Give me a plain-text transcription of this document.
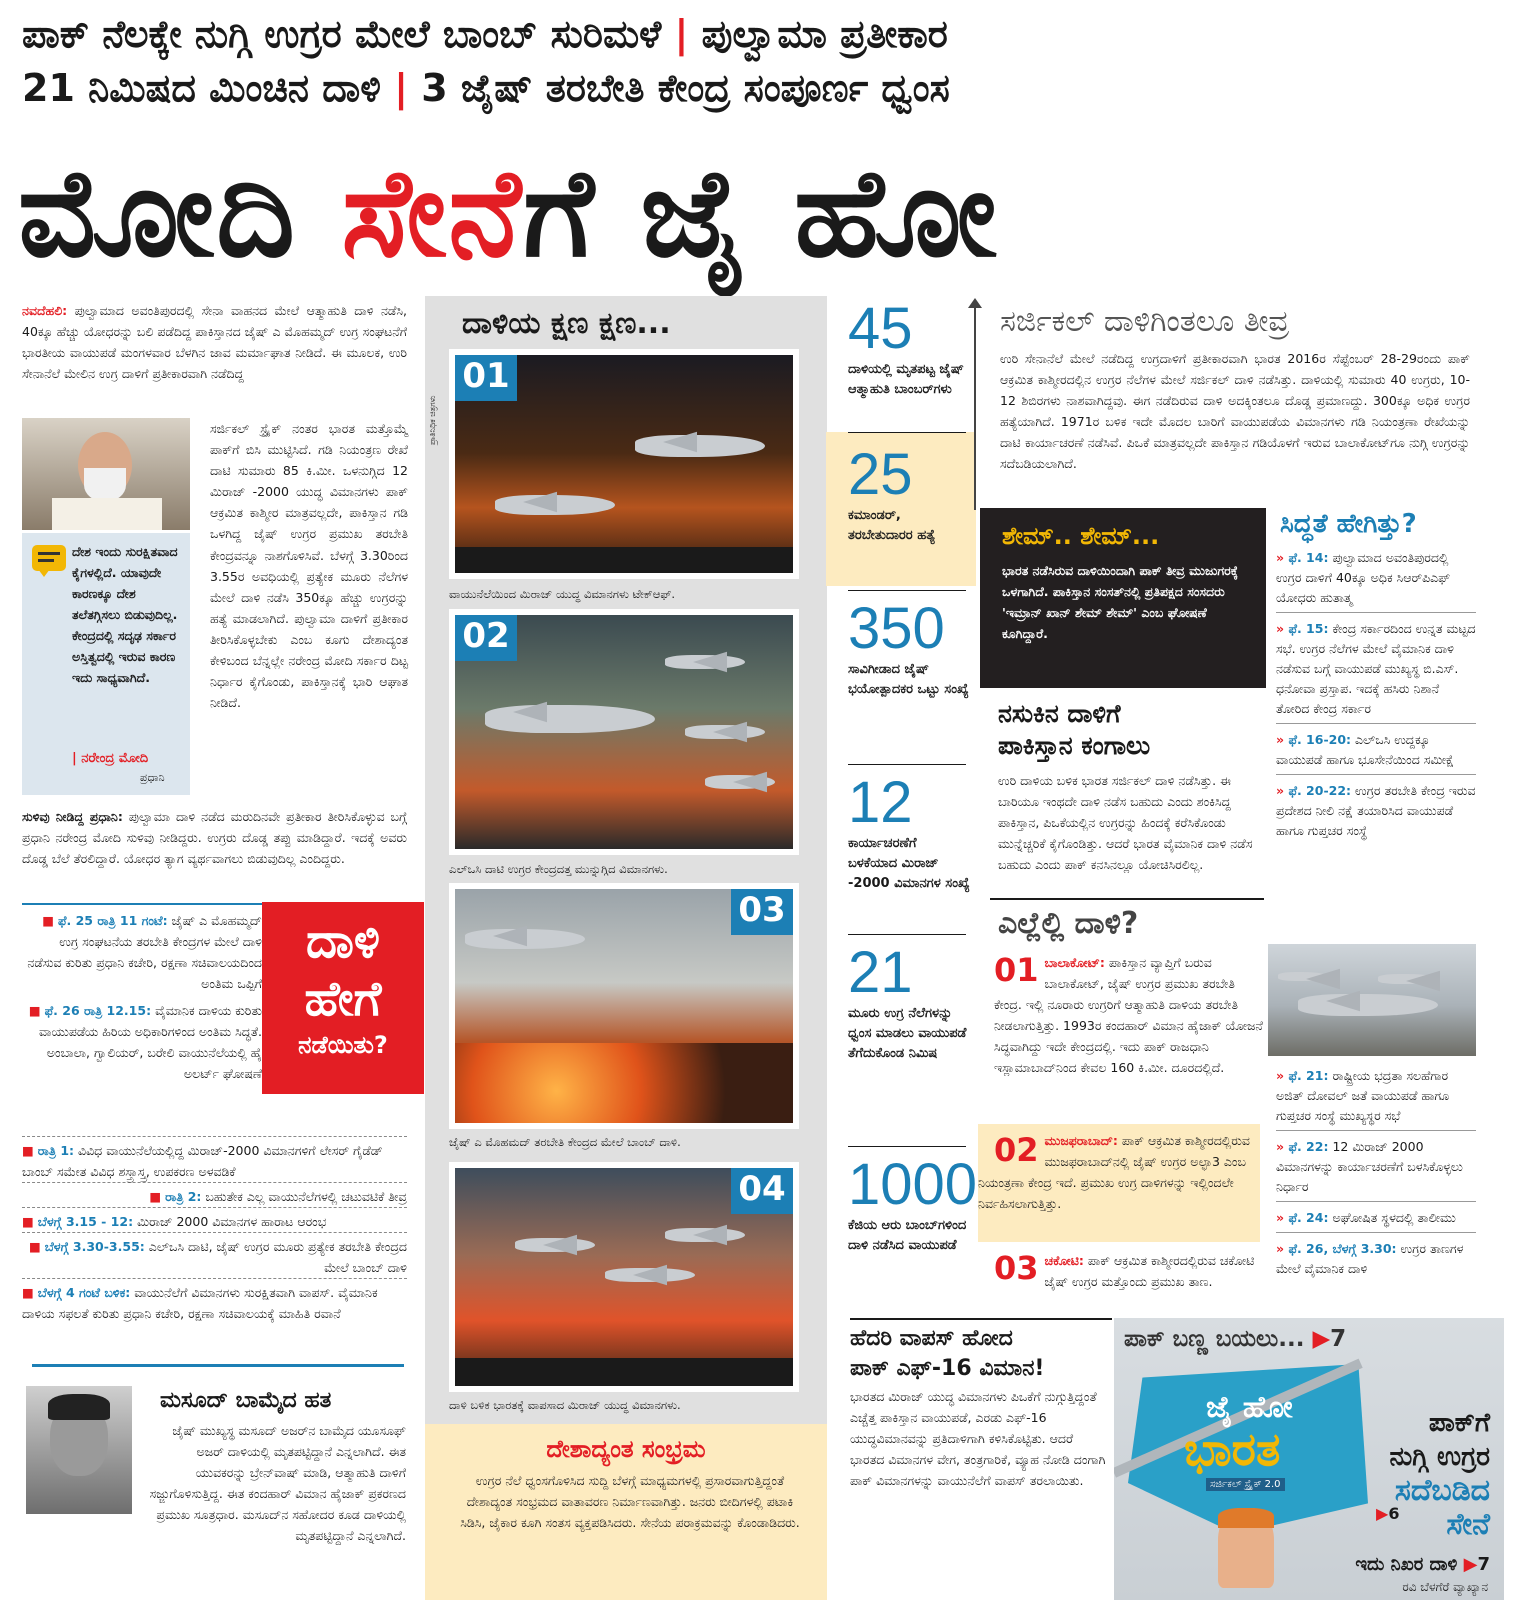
ಪಾಕ್ ನೆಲಕ್ಕೇ ನುಗ್ಗಿ ಉಗ್ರರ ಮೇಲೆ ಬಾಂಬ್ ಸುರಿಮಳೆ | ಪುಲ್ವಾಮಾ ಪ್ರತೀಕಾರ
21 ನಿಮಿಷದ ಮಿಂಚಿನ ದಾಳಿ | 3 ಜೈಷ್ ತರಬೇತಿ ಕೇಂದ್ರ ಸಂಪೂರ್ಣ ಧ್ವಂಸ
ಮೋದಿ ಸೇನೆಗೆ ಜೈ ಹೋ
ನವದೆಹಲಿ: ಪುಲ್ವಾಮಾದ ಅವಂತಿಪುರದಲ್ಲಿ ಸೇನಾ ವಾಹನದ ಮೇಲೆ ಆತ್ಮಾಹುತಿ ದಾಳಿ ನಡೆಸಿ, 40ಕ್ಕೂ ಹೆಚ್ಚು ಯೋಧರನ್ನು ಬಲಿ ಪಡೆದಿದ್ದ ಪಾಕಿಸ್ತಾನದ ಜೈಷ್ ಎ ಮೊಹಮ್ಮದ್ ಉಗ್ರ ಸಂಘಟನೆಗೆ ಭಾರತೀಯ ವಾಯುಪಡೆ ಮಂಗಳವಾರ ಬೆಳಗಿನ ಜಾವ ಮರ್ಮಾಘಾತ ನೀಡಿದೆ. ಈ ಮೂಲಕ, ಉರಿ ಸೇನಾನೆಲೆ ಮೇಲಿನ ಉಗ್ರ ದಾಳಿಗೆ ಪ್ರತೀಕಾರವಾಗಿ ನಡೆದಿದ್ದ
ದೇಶ ಇಂದು ಸುರಕ್ಷಿತವಾದ ಕೈಗಳಲ್ಲಿದೆ. ಯಾವುದೇ ಕಾರಣಕ್ಕೂ ದೇಶ ತಲೆತಗ್ಗಿಸಲು ಬಿಡುವುದಿಲ್ಲ. ಕೇಂದ್ರದಲ್ಲಿ ಸದೃಢ ಸರ್ಕಾರ ಅಸ್ತಿತ್ವದಲ್ಲಿ ಇರುವ ಕಾರಣ ಇದು ಸಾಧ್ಯವಾಗಿದೆ.
| ನರೇಂದ್ರ ಮೋದಿ
ಪ್ರಧಾನಿ
ಸರ್ಜಿಕಲ್ ಸ್ಟ್ರೈಕ್ ನಂತರ ಭಾರತ ಮತ್ತೊಮ್ಮೆ ಪಾಕ್‌ಗೆ ಬಿಸಿ ಮುಟ್ಟಿಸಿದೆ. ಗಡಿ ನಿಯಂತ್ರಣ ರೇಖೆ ದಾಟಿ ಸುಮಾರು 85 ಕಿ.ಮೀ. ಒಳನುಗ್ಗಿದ 12 ಮಿರಾಜ್ -2000 ಯುದ್ಧ ವಿಮಾನಗಳು ಪಾಕ್ ಆಕ್ರಮಿತ ಕಾಶ್ಮೀರ ಮಾತ್ರವಲ್ಲದೇ, ಪಾಕಿಸ್ತಾನ ಗಡಿ ಒಳಗಿದ್ದ ಜೈಷ್ ಉಗ್ರರ ಪ್ರಮುಖ ತರಬೇತಿ ಕೇಂದ್ರವನ್ನೂ ನಾಶಗೊಳಿಸಿವೆ. ಬೆಳಗ್ಗೆ 3.30ರಿಂದ 3.55ರ ಅವಧಿಯಲ್ಲಿ ಪ್ರತ್ಯೇಕ ಮೂರು ನೆಲೆಗಳ ಮೇಲೆ ದಾಳಿ ನಡೆಸಿ 350ಕ್ಕೂ ಹೆಚ್ಚು ಉಗ್ರರನ್ನು ಹತ್ಯೆ ಮಾಡಲಾಗಿದೆ. ಪುಲ್ವಾಮಾ ದಾಳಿಗೆ ಪ್ರತೀಕಾರ ತೀರಿಸಿಕೊಳ್ಳಬೇಕು ಎಂಬ ಕೂಗು ದೇಶಾದ್ಯಂತ ಕೇಳಿಬಂದ ಬೆನ್ನಲ್ಲೇ ನರೇಂದ್ರ ಮೋದಿ ಸರ್ಕಾರ ದಿಟ್ಟ ನಿರ್ಧಾರ ಕೈಗೊಂಡು, ಪಾಕಿಸ್ತಾನಕ್ಕೆ ಭಾರಿ ಆಘಾತ ನೀಡಿದೆ.
ಸುಳಿವು ನೀಡಿದ್ದ ಪ್ರಧಾನಿ: ಪುಲ್ವಾಮಾ ದಾಳಿ ನಡೆದ ಮರುದಿನವೇ ಪ್ರತೀಕಾರ ತೀರಿಸಿಕೊಳ್ಳುವ ಬಗ್ಗೆ ಪ್ರಧಾನಿ ನರೇಂದ್ರ ಮೋದಿ ಸುಳಿವು ನೀಡಿದ್ದರು. ಉಗ್ರರು ದೊಡ್ಡ ತಪ್ಪು ಮಾಡಿದ್ದಾರೆ. ಇದಕ್ಕೆ ಅವರು ದೊಡ್ಡ ಬೆಲೆ ತೆರಲಿದ್ದಾರೆ. ಯೋಧರ ತ್ಯಾಗ ವ್ಯರ್ಥವಾಗಲು ಬಿಡುವುದಿಲ್ಲ ಎಂದಿದ್ದರು.
ದಾಳಿ
ಹೇಗೆ
ನಡೆಯಿತು?
■ ಫೆ. 25 ರಾತ್ರಿ 11 ಗಂಟೆ: ಜೈಷ್ ಎ ಮೊಹಮ್ಮದ್ ಉಗ್ರ ಸಂಘಟನೆಯ ತರಬೇತಿ ಕೇಂದ್ರಗಳ ಮೇಲೆ ದಾಳಿ ನಡೆಸುವ ಕುರಿತು ಪ್ರಧಾನಿ ಕಚೇರಿ, ರಕ್ಷಣಾ ಸಚಿವಾಲಯದಿಂದ ಅಂತಿಮ ಒಪ್ಪಿಗೆ
■ ಫೆ. 26 ರಾತ್ರಿ 12.15: ವೈಮಾನಿಕ ದಾಳಿಯ ಕುರಿತು ವಾಯುಪಡೆಯ ಹಿರಿಯ ಅಧಿಕಾರಿಗಳಿಂದ ಅಂತಿಮ ಸಿದ್ಧತೆ. ಅಂಬಾಲಾ, ಗ್ವಾಲಿಯರ್, ಬರೇಲಿ ವಾಯುನೆಲೆಯಲ್ಲಿ ಹೈ ಅಲರ್ಟ್ ಘೋಷಣೆ
■ ರಾತ್ರಿ 1: ವಿವಿಧ ವಾಯುನೆಲೆಯಲ್ಲಿದ್ದ ಮಿರಾಜ್-2000 ವಿಮಾನಗಳಿಗೆ ಲೇಸರ್ ಗೈಡೆಡ್ ಬಾಂಬ್ ಸಮೇತ ವಿವಿಧ ಶಸ್ತ್ರಾಸ್ತ್ರ, ಉಪಕರಣ ಅಳವಡಿಕೆ
■ ರಾತ್ರಿ 2: ಬಹುತೇಕ ಎಲ್ಲ ವಾಯುನೆಲೆಗಳಲ್ಲಿ ಚಟುವಟಿಕೆ ತೀವ್ರ
■ ಬೆಳಗ್ಗೆ 3.15 - 12: ಮಿರಾಜ್ 2000 ವಿಮಾನಗಳ ಹಾರಾಟ ಆರಂಭ
■ ಬೆಳಗ್ಗೆ 3.30-3.55: ಎಲ್‌ಒಸಿ ದಾಟಿ, ಜೈಷ್ ಉಗ್ರರ ಮೂರು ಪ್ರತ್ಯೇಕ ತರಬೇತಿ ಕೇಂದ್ರದ ಮೇಲೆ ಬಾಂಬ್ ದಾಳಿ
■ ಬೆಳಗ್ಗೆ 4 ಗಂಟೆ ಬಳಿಕ: ವಾಯುನೆಲೆಗೆ ವಿಮಾನಗಳು ಸುರಕ್ಷಿತವಾಗಿ ವಾಪಸ್. ವೈಮಾನಿಕ ದಾಳಿಯ ಸಫಲತೆ ಕುರಿತು ಪ್ರಧಾನಿ ಕಚೇರಿ, ರಕ್ಷಣಾ ಸಚಿವಾಲಯಕ್ಕೆ ಮಾಹಿತಿ ರವಾನೆ
ಮಸೂದ್ ಬಾಮೈದ ಹತ
ಜೈಷ್ ಮುಖ್ಯಸ್ಥ ಮಸೂದ್ ಅಜರ್‌ನ ಬಾಮೈದ ಯೂಸೂಫ್ ಅಜರ್ ದಾಳಿಯಲ್ಲಿ ಮೃತಪಟ್ಟಿದ್ದಾನೆ ಎನ್ನಲಾಗಿದೆ. ಈತ ಯುವಕರನ್ನು ಬ್ರೇನ್‌ವಾಷ್ ಮಾಡಿ, ಆತ್ಮಾಹುತಿ ದಾಳಿಗೆ ಸಜ್ಜುಗೊಳಿಸುತ್ತಿದ್ದ. ಈತ ಕಂದಹಾರ್ ವಿಮಾನ ಹೈಜಾಕ್ ಪ್ರಕರಣದ ಪ್ರಮುಖ ಸೂತ್ರಧಾರ. ಮಸೂದ್‌ನ ಸಹೋದರ ಕೂಡ ದಾಳಿಯಲ್ಲಿ ಮೃತಪಟ್ಟಿದ್ದಾನೆ ಎನ್ನಲಾಗಿದೆ.
ದಾಳಿಯ ಕ್ಷಣ ಕ್ಷಣ...
ಪ್ರಾತಿನಿಧಿಕ ಚಿತ್ರಗಳು
01
ವಾಯುನೆಲೆಯಿಂದ ಮಿರಾಜ್ ಯುದ್ಧ ವಿಮಾನಗಳು ಟೇಕ್‌ಆಫ್.
02
ಎಲ್‌ಒಸಿ ದಾಟಿ ಉಗ್ರರ ಕೇಂದ್ರದತ್ತ ಮುನ್ನುಗ್ಗಿದ ವಿಮಾನಗಳು.
03
ಜೈಷ್ ಎ ಮೊಹಮದ್ ತರಬೇತಿ ಕೇಂದ್ರದ ಮೇಲೆ ಬಾಂಬ್ ದಾಳಿ.
04
ದಾಳಿ ಬಳಿಕ ಭಾರತಕ್ಕೆ ವಾಪಸಾದ ಮಿರಾಜ್ ಯುದ್ಧ ವಿಮಾನಗಳು.
ದೇಶಾದ್ಯಂತ ಸಂಭ್ರಮ
ಉಗ್ರರ ನೆಲೆ ಧ್ವಂಸಗೊಳಿಸಿದ ಸುದ್ದಿ ಬೆಳಗ್ಗೆ ಮಾಧ್ಯಮಗಳಲ್ಲಿ ಪ್ರಸಾರವಾಗುತ್ತಿದ್ದಂತೆ ದೇಶಾದ್ಯಂತ ಸಂಭ್ರಮದ ವಾತಾವರಣ ನಿರ್ಮಾಣವಾಗಿತ್ತು. ಜನರು ಬೀದಿಗಳಲ್ಲಿ ಪಟಾಕಿ ಸಿಡಿಸಿ, ಜೈಕಾರ ಕೂಗಿ ಸಂತಸ ವ್ಯಕ್ತಪಡಿಸಿದರು. ಸೇನೆಯ ಪರಾಕ್ರಮವನ್ನು ಕೊಂಡಾಡಿದರು.
45
ದಾಳಿಯಲ್ಲಿ ಮೃತಪಟ್ಟ ಜೈಷ್ ಆತ್ಮಾಹುತಿ ಬಾಂಬರ್‌ಗಳು
25
ಕಮಾಂಡರ್, ತರಬೇತುದಾರರ ಹತ್ಯೆ
350
ಸಾವಿಗೀಡಾದ ಜೈಷ್ ಭಯೋತ್ಪಾದಕರ ಒಟ್ಟು ಸಂಖ್ಯೆ
12
ಕಾರ್ಯಾಚರಣೆಗೆ ಬಳಕೆಯಾದ ಮಿರಾಜ್ -2000 ವಿಮಾನಗಳ ಸಂಖ್ಯೆ
21
ಮೂರು ಉಗ್ರ ನೆಲೆಗಳನ್ನು ಧ್ವಂಸ ಮಾಡಲು ವಾಯುಪಡೆ ತೆಗೆದುಕೊಂಡ ನಿಮಿಷ
1000
ಕೆಜಿಯ ಆರು ಬಾಂಬ್‌ಗಳಿಂದ ದಾಳಿ ನಡೆಸಿದ ವಾಯುಪಡೆ
ಸರ್ಜಿಕಲ್ ದಾಳಿಗಿಂತಲೂ ತೀವ್ರ
ಉರಿ ಸೇನಾನೆಲೆ ಮೇಲೆ ನಡೆದಿದ್ದ ಉಗ್ರದಾಳಿಗೆ ಪ್ರತೀಕಾರವಾಗಿ ಭಾರತ 2016ರ ಸೆಪ್ಟೆಂಬರ್ 28-29ರಂದು ಪಾಕ್ ಆಕ್ರಮಿತ ಕಾಶ್ಮೀರದಲ್ಲಿನ ಉಗ್ರರ ನೆಲೆಗಳ ಮೇಲೆ ಸರ್ಜಿಕಲ್ ದಾಳಿ ನಡೆಸಿತ್ತು. ದಾಳಿಯಲ್ಲಿ ಸುಮಾರು 40 ಉಗ್ರರು, 10-12 ಶಿಬಿರಗಳು ನಾಶವಾಗಿದ್ದವು. ಈಗ ನಡೆದಿರುವ ದಾಳಿ ಅದಕ್ಕಿಂತಲೂ ದೊಡ್ಡ ಪ್ರಮಾಣದ್ದು. 300ಕ್ಕೂ ಅಧಿಕ ಉಗ್ರರ ಹತ್ಯೆಯಾಗಿದೆ. 1971ರ ಬಳಿಕ ಇದೇ ಮೊದಲ ಬಾರಿಗೆ ವಾಯುಪಡೆಯ ವಿಮಾನಗಳು ಗಡಿ ನಿಯಂತ್ರಣಾ ರೇಖೆಯನ್ನು ದಾಟಿ ಕಾರ್ಯಾಚರಣೆ ನಡೆಸಿವೆ. ಪಿಒಕೆ ಮಾತ್ರವಲ್ಲದೇ ಪಾಕಿಸ್ತಾನ ಗಡಿಯೊಳಗೆ ಇರುವ ಬಾಲಾಕೋಟ್‌ಗೂ ನುಗ್ಗಿ ಉಗ್ರರನ್ನು ಸದೆಬಡಿಯಲಾಗಿದೆ.
ಶೇಮ್.. ಶೇಮ್...
ಭಾರತ ನಡೆಸಿರುವ ದಾಳಿಯಿಂದಾಗಿ ಪಾಕ್ ತೀವ್ರ ಮುಜುಗರಕ್ಕೆ ಒಳಗಾಗಿದೆ. ಪಾಕಿಸ್ತಾನ ಸಂಸತ್‌ನಲ್ಲಿ ಪ್ರತಿಪಕ್ಷದ ಸಂಸದರು 'ಇಮ್ರಾನ್ ಖಾನ್ ಶೇಮ್ ಶೇಮ್' ಎಂಬ ಘೋಷಣೆ ಕೂಗಿದ್ದಾರೆ.
ನಸುಕಿನ ದಾಳಿಗೆ
ಪಾಕಿಸ್ತಾನ ಕಂಗಾಲು
ಉರಿ ದಾಳಿಯ ಬಳಿಕ ಭಾರತ ಸರ್ಜಿಕಲ್ ದಾಳಿ ನಡೆಸಿತ್ತು. ಈ ಬಾರಿಯೂ ಇಂಥದೇ ದಾಳಿ ನಡೆಸ ಬಹುದು ಎಂದು ಶಂಕಿಸಿದ್ದ ಪಾಕಿಸ್ತಾನ, ಪಿಒಕೆಯಲ್ಲಿನ ಉಗ್ರರನ್ನು ಹಿಂದಕ್ಕೆ ಕರೆಸಿಕೊಂಡು ಮುನ್ನೆಚ್ಚರಿಕೆ ಕೈಗೊಂಡಿತ್ತು. ಆದರೆ ಭಾರತ ವೈಮಾನಿಕ ದಾಳಿ ನಡೆಸ ಬಹುದು ಎಂದು ಪಾಕ್ ಕನಸಿನಲ್ಲೂ ಯೋಚಿಸಿರಲಿಲ್ಲ.
ಎಲ್ಲೆಲ್ಲಿ ದಾಳಿ?
01 ಬಾಲಾಕೋಟ್: ಪಾಕಿಸ್ತಾನ ವ್ಯಾಪ್ತಿಗೆ ಬರುವ ಬಾಲಾಕೋಟ್, ಜೈಷ್ ಉಗ್ರರ ಪ್ರಮುಖ ತರಬೇತಿ ಕೇಂದ್ರ. ಇಲ್ಲಿ ನೂರಾರು ಉಗ್ರರಿಗೆ ಆತ್ಮಾಹುತಿ ದಾಳಿಯ ತರಬೇತಿ ನೀಡಲಾಗುತ್ತಿತ್ತು. 1993ರ ಕಂದಹಾರ್ ವಿಮಾನ ಹೈಜಾಕ್ ಯೋಜನೆ ಸಿದ್ಧವಾಗಿದ್ದು ಇದೇ ಕೇಂದ್ರದಲ್ಲಿ. ಇದು ಪಾಕ್ ರಾಜಧಾನಿ ಇಸ್ಲಾಮಾಬಾದ್‌ನಿಂದ ಕೇವಲ 160 ಕಿ.ಮೀ. ದೂರದಲ್ಲಿದೆ.
02 ಮುಜಫರಾಬಾದ್: ಪಾಕ್ ಆಕ್ರಮಿತ ಕಾಶ್ಮೀರದಲ್ಲಿರುವ ಮುಜಫರಾಬಾದ್‌ನಲ್ಲಿ ಜೈಷ್ ಉಗ್ರರ ಅಲ್ಫಾ3 ಎಂಬ ನಿಯಂತ್ರಣಾ ಕೇಂದ್ರ ಇದೆ. ಪ್ರಮುಖ ಉಗ್ರ ದಾಳಿಗಳನ್ನು ಇಲ್ಲಿಂದಲೇ ನಿರ್ವಹಿಸಲಾಗುತ್ತಿತ್ತು.
03 ಚಕೋಟಿ: ಪಾಕ್ ಆಕ್ರಮಿತ ಕಾಶ್ಮೀರದಲ್ಲಿರುವ ಚಕೋಟಿ ಜೈಷ್ ಉಗ್ರರ ಮತ್ತೊಂದು ಪ್ರಮುಖ ತಾಣ.
ಸಿದ್ಧತೆ ಹೇಗಿತ್ತು?
» ಫೆ. 14: ಪುಲ್ವಾಮಾದ ಅವಂತಿಪುರದಲ್ಲಿ ಉಗ್ರರ ದಾಳಿಗೆ 40ಕ್ಕೂ ಅಧಿಕ ಸಿಆರ್‌ಪಿಎಫ್ ಯೋಧರು ಹುತಾತ್ಮ
» ಫೆ. 15: ಕೇಂದ್ರ ಸರ್ಕಾರದಿಂದ ಉನ್ನತ ಮಟ್ಟದ ಸಭೆ. ಉಗ್ರರ ನೆಲೆಗಳ ಮೇಲೆ ವೈಮಾನಿಕ ದಾಳಿ ನಡೆಸುವ ಬಗ್ಗೆ ವಾಯುಪಡೆ ಮುಖ್ಯಸ್ಥ ಬಿ.ಎಸ್. ಧನೋವಾ ಪ್ರಸ್ತಾಪ. ಇದಕ್ಕೆ ಹಸಿರು ನಿಶಾನೆ ತೋರಿದ ಕೇಂದ್ರ ಸರ್ಕಾರ
» ಫೆ. 16-20: ಎಲ್‌ಒಸಿ ಉದ್ದಕ್ಕೂ ವಾಯುಪಡೆ ಹಾಗೂ ಭೂಸೇನೆಯಿಂದ ಸಮೀಕ್ಷೆ
» ಫೆ. 20-22: ಉಗ್ರರ ತರಬೇತಿ ಕೇಂದ್ರ ಇರುವ ಪ್ರದೇಶದ ನೀಲಿ ನಕ್ಷೆ ತಯಾರಿಸಿದ ವಾಯುಪಡೆ ಹಾಗೂ ಗುಪ್ತಚರ ಸಂಸ್ಥೆ
» ಫೆ. 21: ರಾಷ್ಟ್ರೀಯ ಭದ್ರತಾ ಸಲಹೆಗಾರ ಅಜಿತ್ ದೋವಲ್ ಜತೆ ವಾಯುಪಡೆ ಹಾಗೂ ಗುಪ್ತಚರ ಸಂಸ್ಥೆ ಮುಖ್ಯಸ್ಥರ ಸಭೆ
» ಫೆ. 22: 12 ಮಿರಾಜ್ 2000 ವಿಮಾನಗಳನ್ನು ಕಾರ್ಯಾಚರಣೆಗೆ ಬಳಸಿಕೊಳ್ಳಲು ನಿರ್ಧಾರ
» ಫೆ. 24: ಅಘೋಷಿತ ಸ್ಥಳದಲ್ಲಿ ತಾಲೀಮು
» ಫೆ. 26, ಬೆಳಗ್ಗೆ 3.30: ಉಗ್ರರ ತಾಣಗಳ ಮೇಲೆ ವೈಮಾನಿಕ ದಾಳಿ
ಹೆದರಿ ವಾಪಸ್ ಹೋದ
ಪಾಕ್ ಎಫ್-16 ವಿಮಾನ!
ಭಾರತದ ಮಿರಾಜ್ ಯುದ್ಧ ವಿಮಾನಗಳು ಪಿಒಕೆಗೆ ನುಗ್ಗುತ್ತಿದ್ದಂತೆ ಎಚ್ಚೆತ್ತ ಪಾಕಿಸ್ತಾನ ವಾಯುಪಡೆ, ಎರಡು ಎಫ್-16 ಯುದ್ಧವಿಮಾನವನ್ನು ಪ್ರತಿದಾಳಿಗಾಗಿ ಕಳಿಸಿಕೊಟ್ಟಿತು. ಆದರೆ ಭಾರತದ ವಿಮಾನಗಳ ವೇಗ, ತಂತ್ರಗಾರಿಕೆ, ವ್ಯೂಹ ನೋಡಿ ದಂಗಾಗಿ ಪಾಕ್ ವಿಮಾನಗಳನ್ನು ವಾಯುನೆಲೆಗೆ ವಾಪಸ್ ತರಲಾಯಿತು.
ಪಾಕ್ ಬಣ್ಣ ಬಯಲು... ▶7
ಜೈ ಹೋ
ಭಾರತ
ಸರ್ಜಿಕಲ್ ಸ್ಟ್ರೈಕ್ 2.0
ಪಾಕ್‌ಗೆ
ನುಗ್ಗಿ ಉಗ್ರರ
ಸದೆಬಡಿದ
ಸೇನೆ
▶6
ಇದು ನಿಖರ ದಾಳಿ ▶7
ರವಿ ಬೆಳಗೆರೆ ವ್ಯಾಖ್ಯಾನ
